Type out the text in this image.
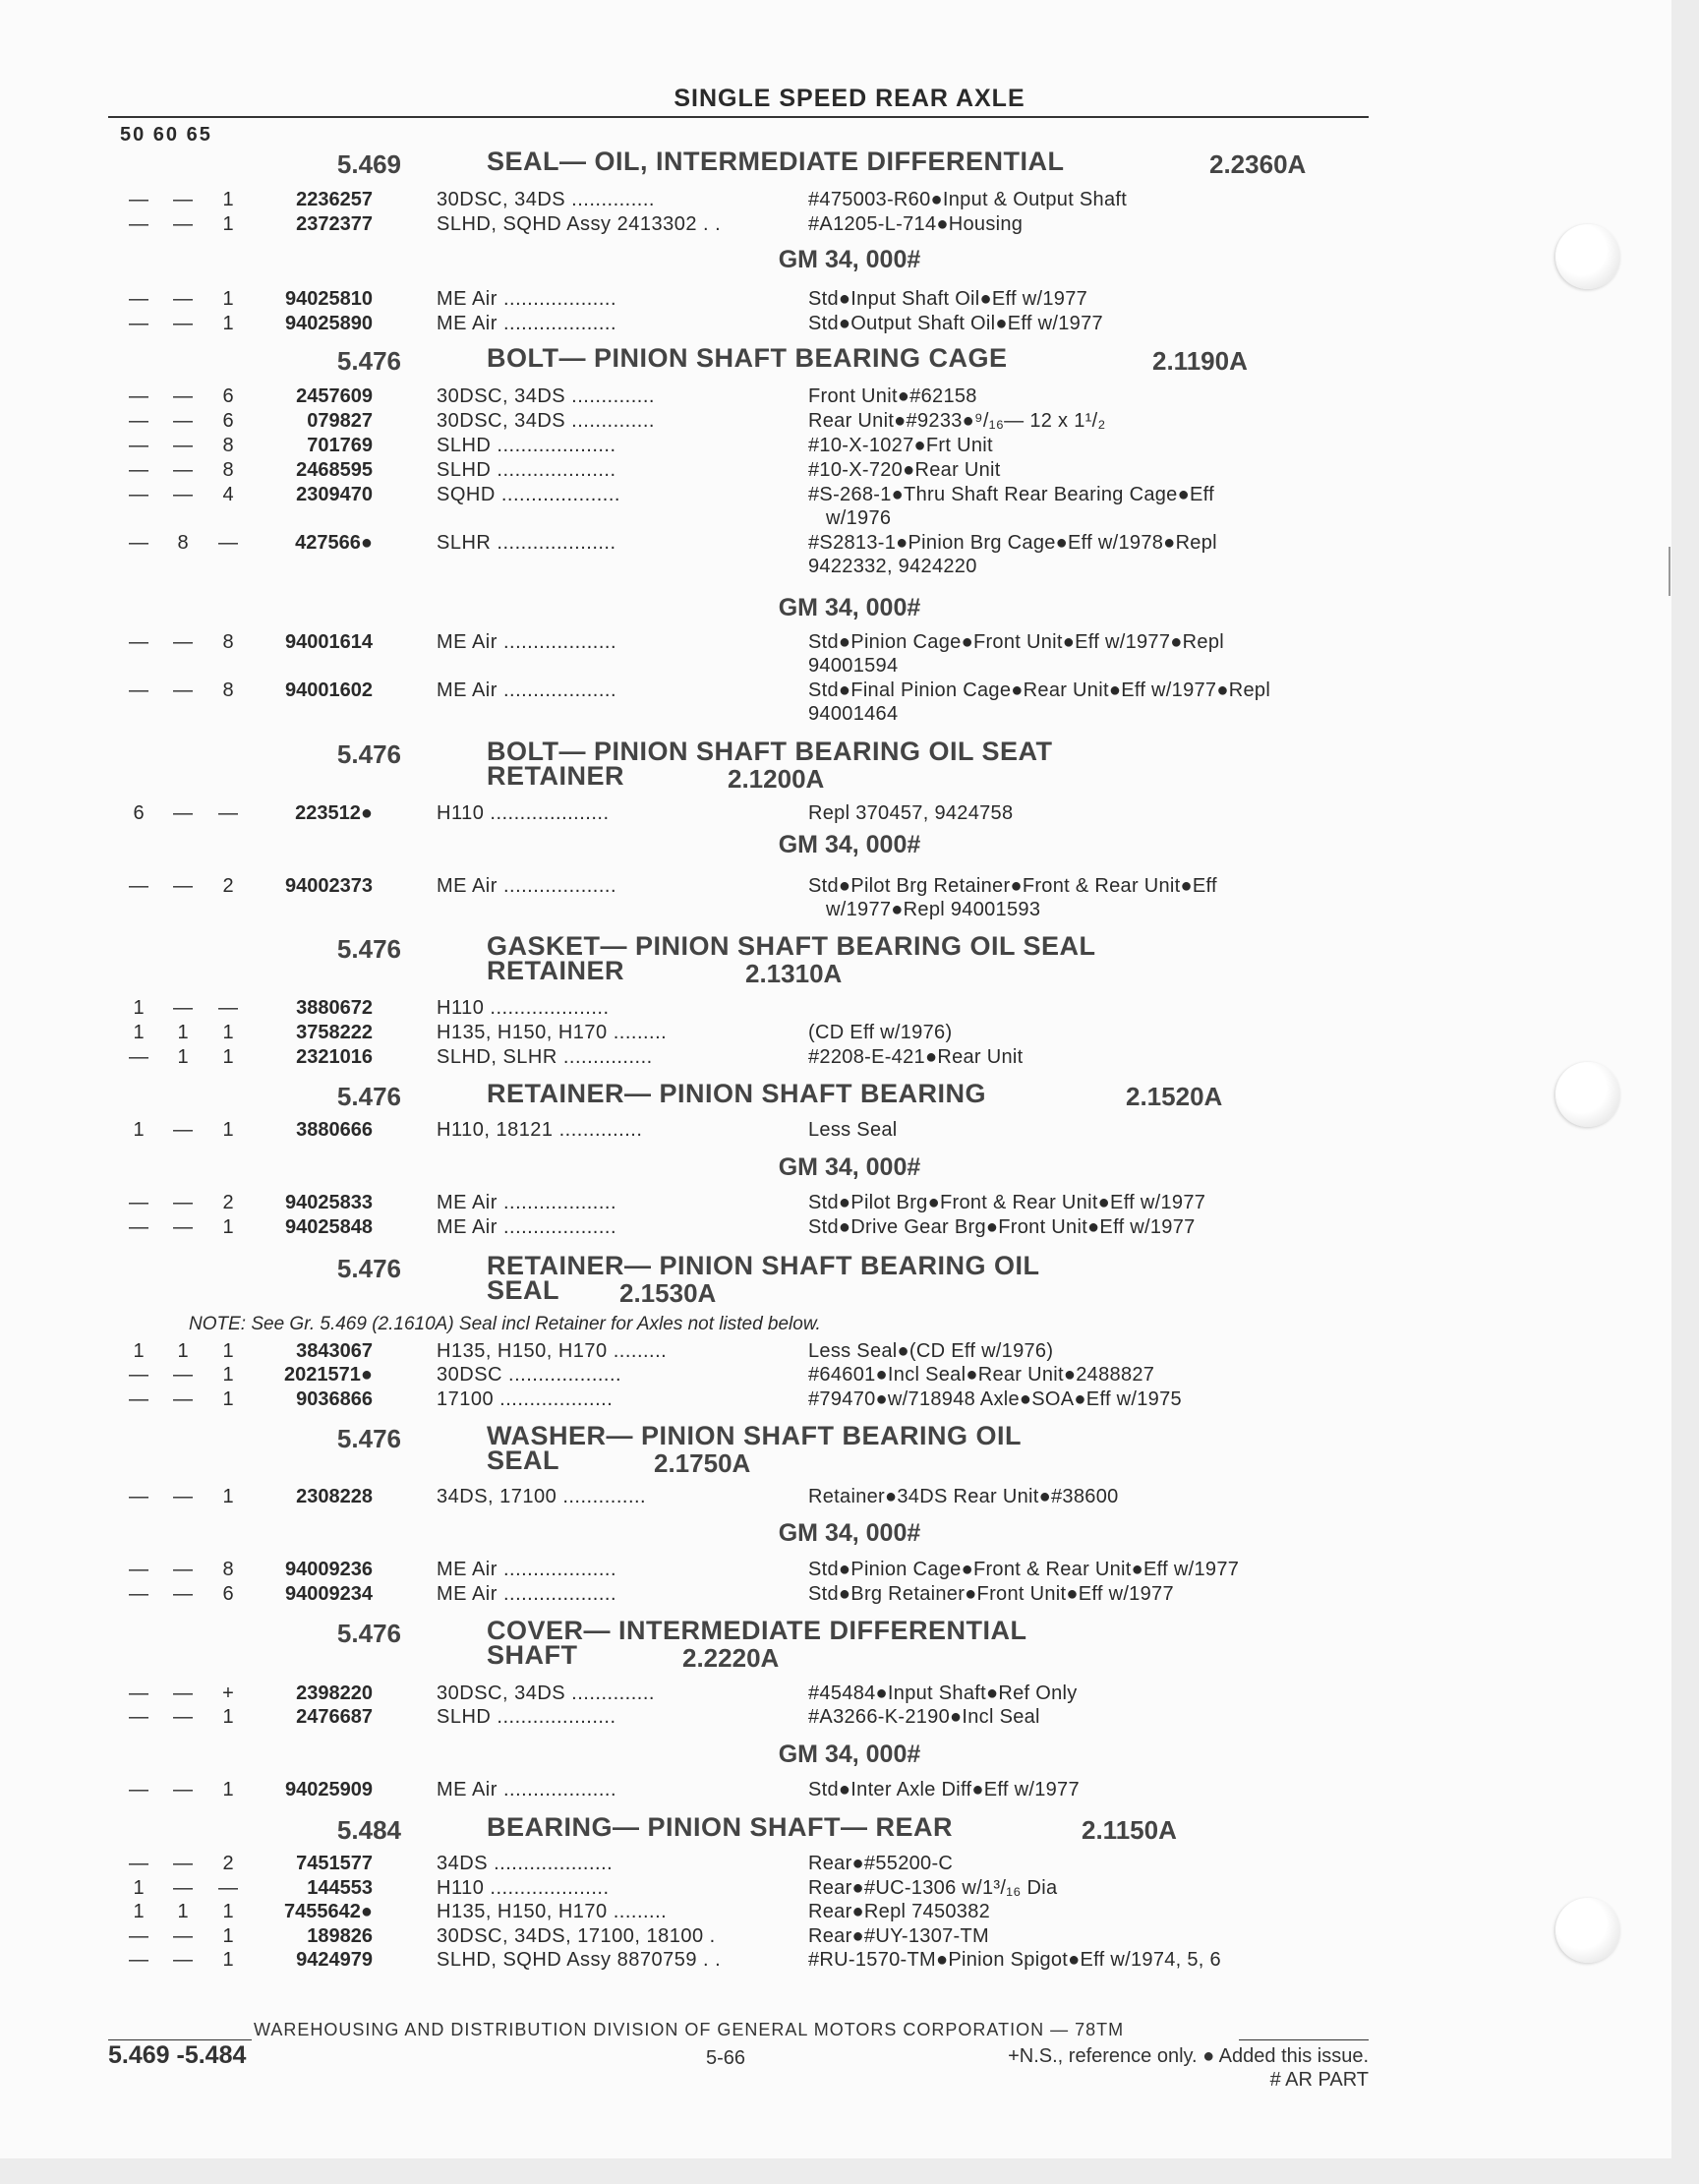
SINGLE SPEED REAR AXLE
50 60 65
5.469	SEAL— OIL, INTERMEDIATE DIFFERENTIAL	2.2360A
— —	1	2236257	30DSC, 34DS ..............	#475003-R60●Input & Output Shaft
— —	1	2372377	SLHD, SQHD Assy 2413302 . .	#A1205-L-714●Housing
GM 34, 000#
— —	1	94025810	ME Air ...................	Std●Input Shaft Oil●Eff w/1977
— —	1	94025890	ME Air ...................	Std●Output Shaft Oil●Eff w/1977
5.476	BOLT— PINION SHAFT BEARING CAGE	2.1190A
— —	6	2457609	30DSC, 34DS ..............	Front Unit●#62158
— —	6	079827	30DSC, 34DS ..............	Rear Unit●#9233●⁹/₁₆— 12 x 1¹/₂
— —	8	701769	SLHD ....................	#10-X-1027●Frt Unit
— —	8	2468595	SLHD ....................	#10-X-720●Rear Unit
— —	4	2309470	SQHD ....................	#S-268-1●Thru Shaft Rear Bearing Cage●Eff
w/1976
—	8	—	427566●	SLHR ....................	#S2813-1●Pinion Brg Cage●Eff w/1978●Repl
9422332, 9424220
GM 34, 000#
— —	8	94001614	ME Air ...................	Std●Pinion Cage●Front Unit●Eff w/1977●Repl
94001594
— —	8	94001602	ME Air ...................	Std●Final Pinion Cage●Rear Unit●Eff w/1977●Repl
94001464
5.476	BOLT— PINION SHAFT BEARING OIL SEAT
RETAINER	2.1200A
6 — —	223512●	H110 ....................	Repl 370457, 9424758
GM 34, 000#
— —	2	94002373	ME Air ...................	Std●Pilot Brg Retainer●Front & Rear Unit●Eff
w/1977●Repl 94001593
5.476	GASKET— PINION SHAFT BEARING OIL SEAL
RETAINER	2.1310A
1 — —	3880672	H110 ....................
1	1	1	3758222	H135, H150, H170 .........	(CD Eff w/1976)
—	1	1	2321016	SLHD, SLHR ...............	#2208-E-421●Rear Unit
5.476	RETAINER— PINION SHAFT BEARING	2.1520A
1 —	1	3880666	H110, 18121 ..............	Less Seal
GM 34, 000#
— —	2	94025833	ME Air ...................	Std●Pilot Brg●Front & Rear Unit●Eff w/1977
— —	1	94025848	ME Air ...................	Std●Drive Gear Brg●Front Unit●Eff w/1977
5.476	RETAINER— PINION SHAFT BEARING OIL
SEAL 2.1530A
1	1	1	3843067	H135, H150, H170 .........	Less Seal●(CD Eff w/1976)
— —	1	2021571●	30DSC ...................	#64601●Incl Seal●Rear Unit●2488827
— —	1	9036866	17100 ...................	#79470●w/718948 Axle●SOA●Eff w/1975
5.476	WASHER— PINION SHAFT BEARING OIL
SEAL	2.1750A
— —	1	2308228	34DS, 17100 ..............	Retainer●34DS Rear Unit●#38600
GM 34, 000#
— —	8	94009236	ME Air ...................	Std●Pinion Cage●Front & Rear Unit●Eff w/1977
— —	6	94009234	ME Air ...................	Std●Brg Retainer●Front Unit●Eff w/1977
5.476	COVER— INTERMEDIATE DIFFERENTIAL
SHAFT	2.2220A
— —	+	2398220	30DSC, 34DS ..............	#45484●Input Shaft●Ref Only
— —	1	2476687	SLHD ....................	#A3266-K-2190●Incl Seal
GM 34, 000#
— —	1	94025909	ME Air ...................	Std●Inter Axle Diff●Eff w/1977
5.484	BEARING— PINION SHAFT— REAR	2.1150A
— —	2	7451577	34DS ....................	Rear●#55200-C
1 — —	144553	H110 ....................	Rear●#UC-1306 w/1³/₁₆ Dia
1	1	1	7455642●	H135, H150, H170 .........	Rear●Repl 7450382
— —	1	189826	30DSC, 34DS, 17100, 18100 .	Rear●#UY-1307-TM
— —	1	9424979	SLHD, SQHD Assy 8870759 . .	#RU-1570-TM●Pinion Spigot●Eff w/1974, 5, 6
NOTE: See Gr. 5.469 (2.1610A) Seal incl Retainer for Axles not listed below.
WAREHOUSING AND DISTRIBUTION DIVISION OF GENERAL MOTORS CORPORATION — 78TM
5.469 -5.484	5-66	+N.S., reference only. ● Added this issue.
# AR PART
